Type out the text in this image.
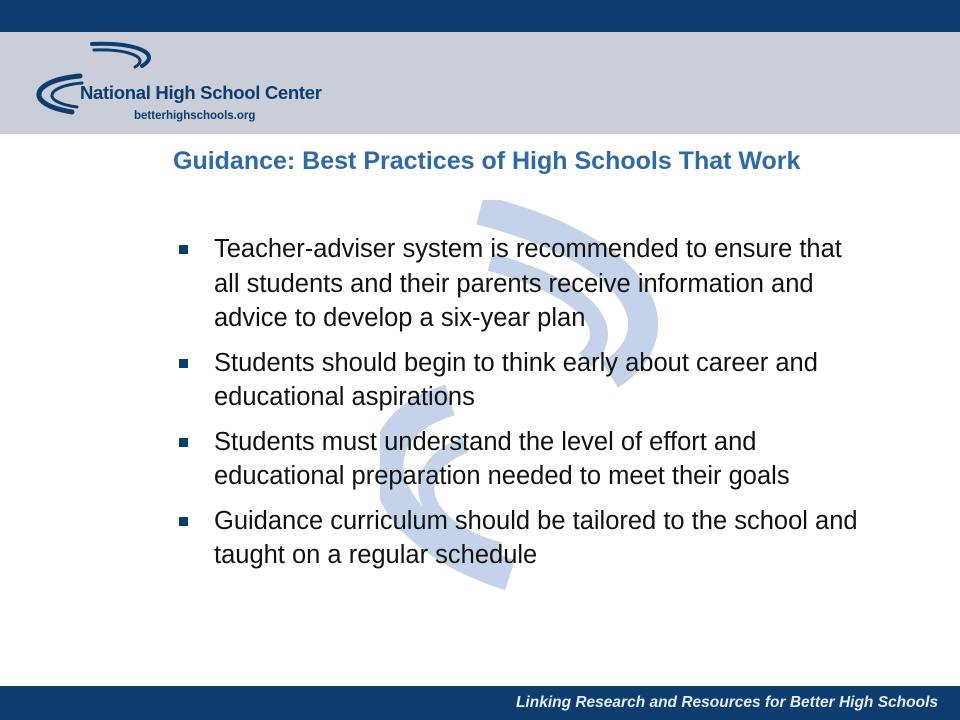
National High School Center
betterhighschools.org
Guidance: Best Practices of High Schools That Work
Teacher-adviser system is recommended to ensure that all students and their parents receive information and advice to develop a six-year plan
Students should begin to think early about career and educational aspirations
Students must understand the level of effort and educational preparation needed to meet their goals
Guidance curriculum should be tailored to the school and taught on a regular schedule
Linking Research and Resources for Better High Schools
